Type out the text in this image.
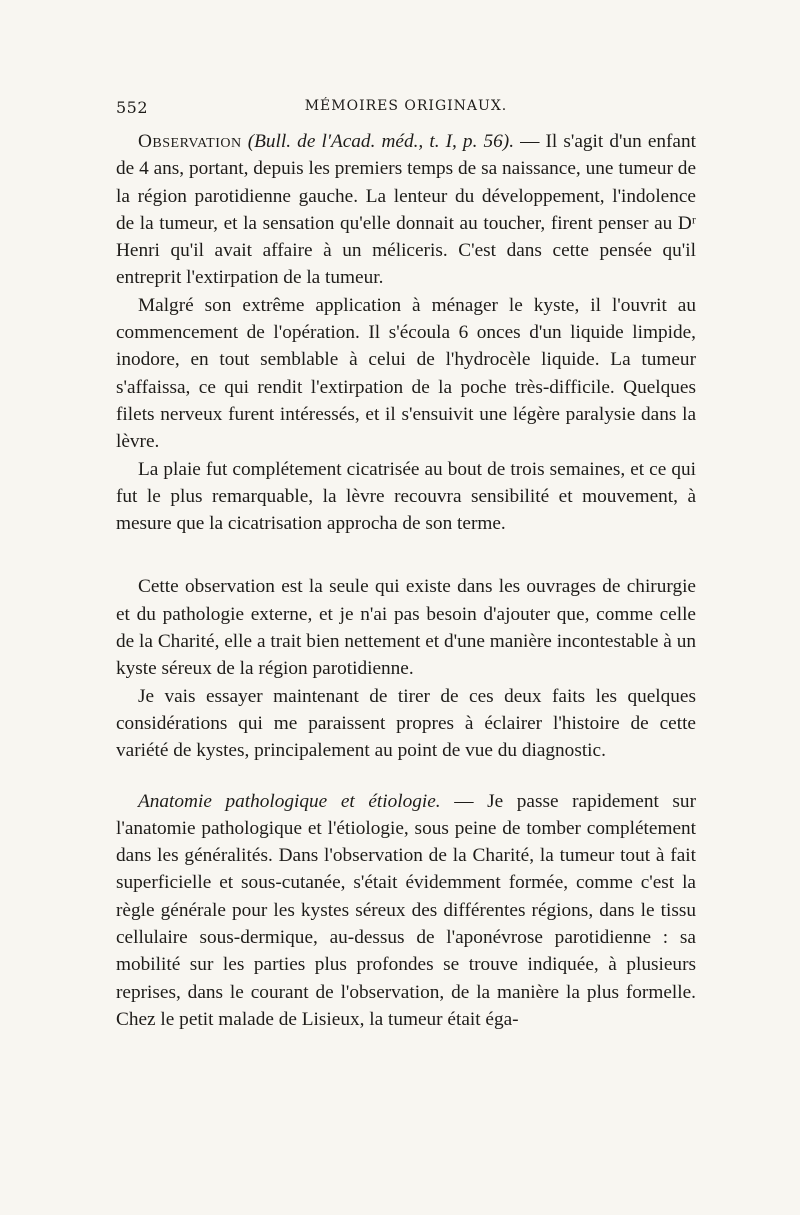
552	MÉMOIRES ORIGINAUX.

Observation (Bull. de l'Acad. méd., t. I, p. 56). — Il s'agit d'un enfant de 4 ans, portant, depuis les premiers temps de sa naissance, une tumeur de la région parotidienne gauche. La lenteur du développement, l'indolence de la tumeur, et la sensation qu'elle donnait au toucher, firent penser au Dʳ Henri qu'il avait affaire à un méliceris. C'est dans cette pensée qu'il entreprit l'extirpation de la tumeur.

Malgré son extrême application à ménager le kyste, il l'ouvrit au commencement de l'opération. Il s'écoula 6 onces d'un liquide limpide, inodore, en tout semblable à celui de l'hydrocèle liquide. La tumeur s'affaissa, ce qui rendit l'extirpation de la poche très-difficile. Quelques filets nerveux furent intéressés, et il s'ensuivit une légère paralysie dans la lèvre.

La plaie fut complétement cicatrisée au bout de trois semaines, et ce qui fut le plus remarquable, la lèvre recouvra sensibilité et mouvement, à mesure que la cicatrisation approcha de son terme.

Cette observation est la seule qui existe dans les ouvrages de chirurgie et du pathologie externe, et je n'ai pas besoin d'ajouter que, comme celle de la Charité, elle a trait bien nettement et d'une manière incontestable à un kyste séreux de la région parotidienne.

Je vais essayer maintenant de tirer de ces deux faits les quelques considérations qui me paraissent propres à éclairer l'histoire de cette variété de kystes, principalement au point de vue du diagnostic.

Anatomie pathologique et étiologie. — Je passe rapidement sur l'anatomie pathologique et l'étiologie, sous peine de tomber complétement dans les généralités. Dans l'observation de la Charité, la tumeur tout à fait superficielle et sous-cutanée, s'était évidemment formée, comme c'est la règle générale pour les kystes séreux des différentes régions, dans le tissu cellulaire sous-dermique, au-dessus de l'aponévrose parotidienne : sa mobilité sur les parties plus profondes se trouve indiquée, à plusieurs reprises, dans le courant de l'observation, de la manière la plus formelle. Chez le petit malade de Lisieux, la tumeur était éga-
